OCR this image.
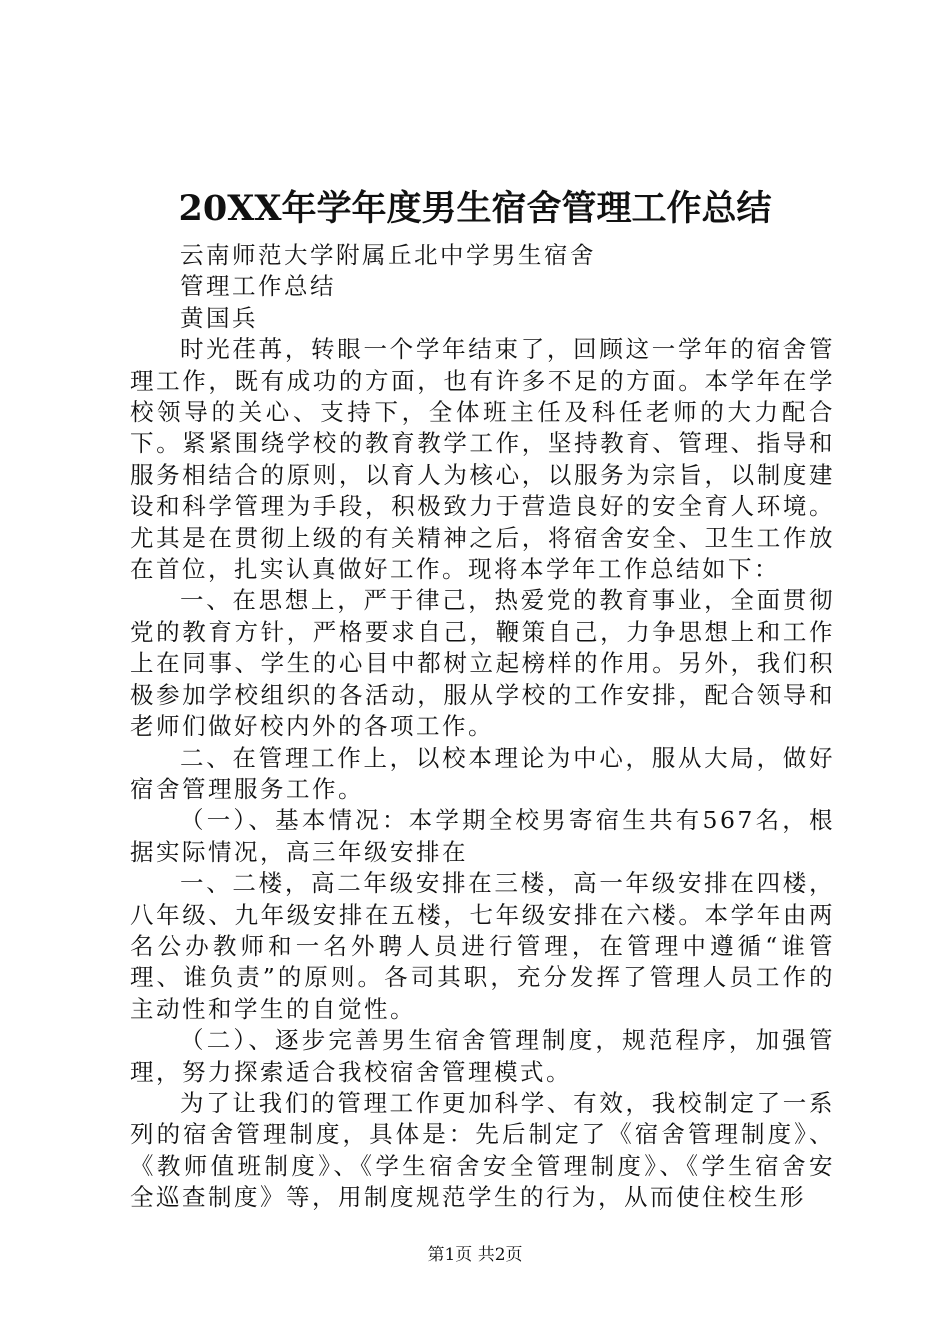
20XX年学年度男生宿舍管理工作总结

云南师范大学附属丘北中学男生宿舍

管理工作总结

黄国兵

时光荏苒，转眼一个学年结束了，回顾这一学年的宿舍管理工作，既有成功的方面，也有许多不足的方面。本学年在学校领导的关心、支持下，全体班主任及科任老师的大力配合下。紧紧围绕学校的教育教学工作，坚持教育、管理、指导和服务相结合的原则，以育人为核心，以服务为宗旨，以制度建设和科学管理为手段，积极致力于营造良好的安全育人环境。尤其是在贯彻上级的有关精神之后，将宿舍安全、卫生工作放在首位，扎实认真做好工作。现将本学年工作总结如下：

一、在思想上，严于律己，热爱党的教育事业，全面贯彻党的教育方针，严格要求自己，鞭策自己，力争思想上和工作上在同事、学生的心目中都树立起榜样的作用。另外，我们积极参加学校组织的各活动，服从学校的工作安排，配合领导和老师们做好校内外的各项工作。

二、在管理工作上，以校本理论为中心，服从大局，做好宿舍管理服务工作。

（一）、基本情况：本学期全校男寄宿生共有567名，根据实际情况，高三年级安排在

一、二楼，高二年级安排在三楼，高一年级安排在四楼，八年级、九年级安排在五楼，七年级安排在六楼。本学年由两名公办教师和一名外聘人员进行管理，在管理中遵循“谁管理、谁负责”的原则。各司其职，充分发挥了管理人员工作的主动性和学生的自觉性。

（二）、逐步完善男生宿舍管理制度，规范程序，加强管理，努力探索适合我校宿舍管理模式。

为了让我们的管理工作更加科学、有效，我校制定了一系列的宿舍管理制度，具体是：先后制定了《宿舍管理制度》、《教师值班制度》、《学生宿舍安全管理制度》、《学生宿舍安全巡查制度》等，用制度规范学生的行为，从而使住校生形

第1页 共2页
